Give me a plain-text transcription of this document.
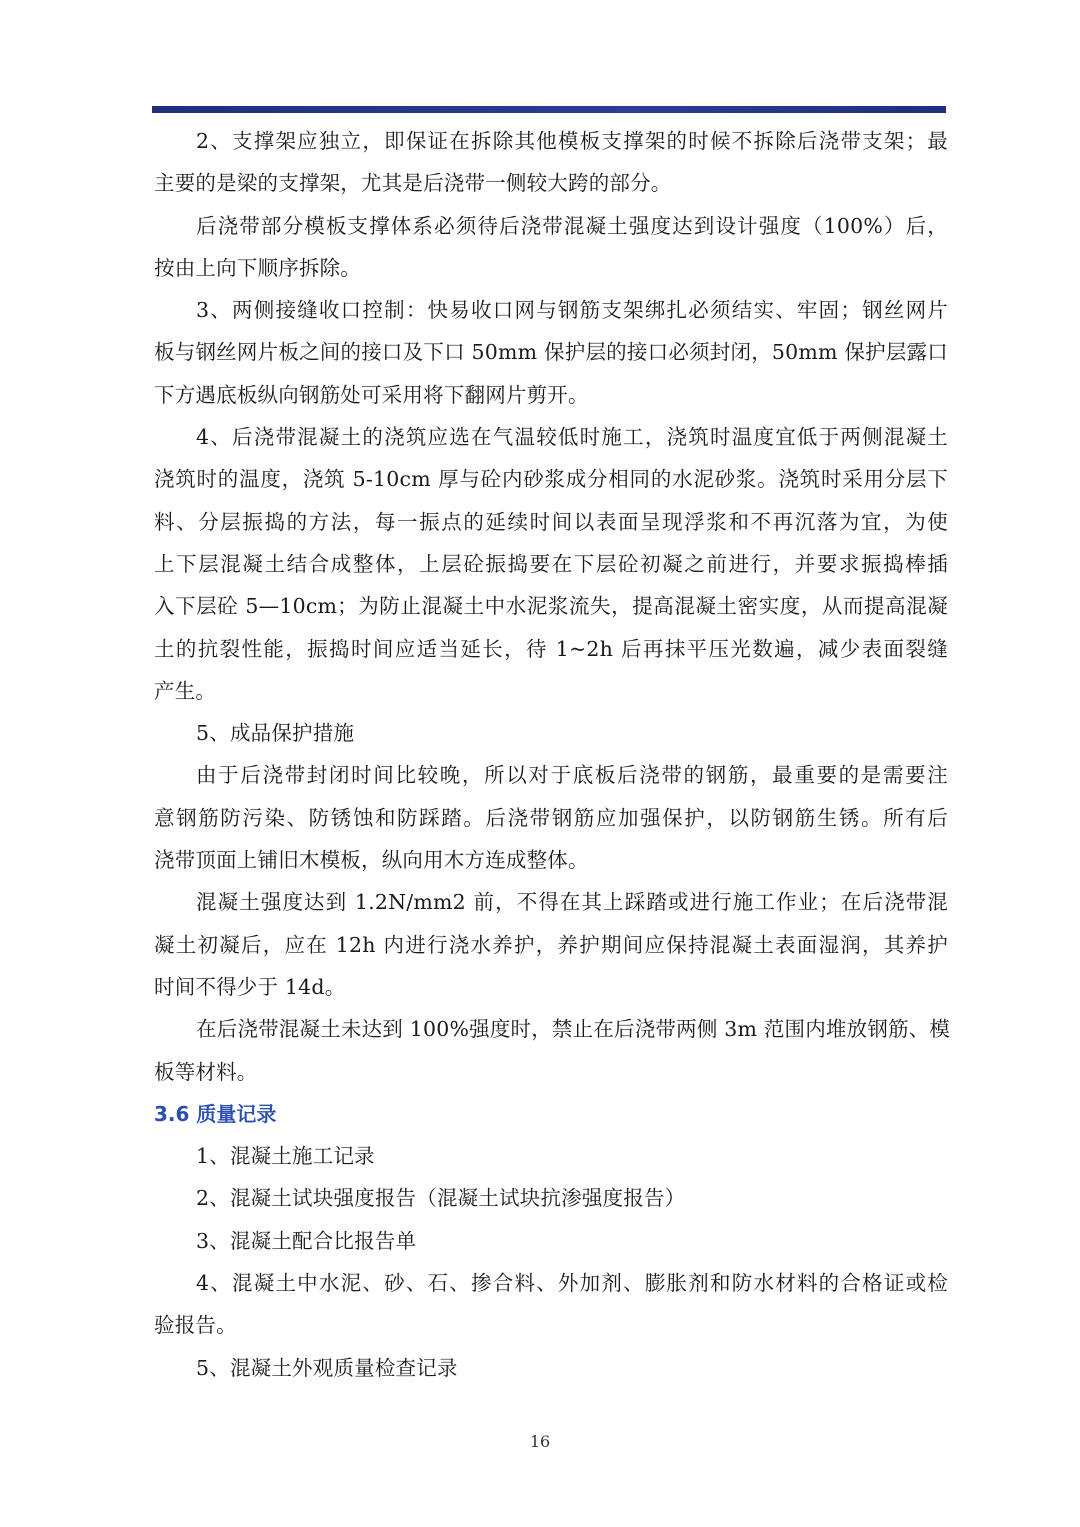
2、支撑架应独立，即保证在拆除其他模板支撑架的时候不拆除后浇带支架；最
主要的是梁的支撑架，尤其是后浇带一侧较大跨的部分。
后浇带部分模板支撑体系必须待后浇带混凝土强度达到设计强度（100%）后，
按由上向下顺序拆除。
3、两侧接缝收口控制：快易收口网与钢筋支架绑扎必须结实、牢固；钢丝网片
板与钢丝网片板之间的接口及下口 50mm 保护层的接口必须封闭，50mm 保护层露口
下方遇底板纵向钢筋处可采用将下翻网片剪开。
4、后浇带混凝土的浇筑应选在气温较低时施工，浇筑时温度宜低于两侧混凝土
浇筑时的温度，浇筑 5-10cm 厚与砼内砂浆成分相同的水泥砂浆。浇筑时采用分层下
料、分层振捣的方法，每一振点的延续时间以表面呈现浮浆和不再沉落为宜，为使
上下层混凝土结合成整体，上层砼振捣要在下层砼初凝之前进行，并要求振捣棒插
入下层砼 5—10cm；为防止混凝土中水泥浆流失，提高混凝土密实度，从而提高混凝
土的抗裂性能，振捣时间应适当延长，待 1~2h 后再抹平压光数遍，减少表面裂缝
产生。
5、成品保护措施
由于后浇带封闭时间比较晚，所以对于底板后浇带的钢筋，最重要的是需要注
意钢筋防污染、防锈蚀和防踩踏。后浇带钢筋应加强保护，以防钢筋生锈。所有后
浇带顶面上铺旧木模板，纵向用木方连成整体。
混凝土强度达到 1.2N/mm2 前，不得在其上踩踏或进行施工作业；在后浇带混
凝土初凝后，应在 12h 内进行浇水养护，养护期间应保持混凝土表面湿润，其养护
时间不得少于 14d。
在后浇带混凝土未达到 100%强度时，禁止在后浇带两侧 3m 范围内堆放钢筋、模
板等材料。
3.6 质量记录
1、混凝土施工记录
2、混凝土试块强度报告（混凝土试块抗渗强度报告）
3、混凝土配合比报告单
4、混凝土中水泥、砂、石、掺合料、外加剂、膨胀剂和防水材料的合格证或检
验报告。
5、混凝土外观质量检查记录
16
